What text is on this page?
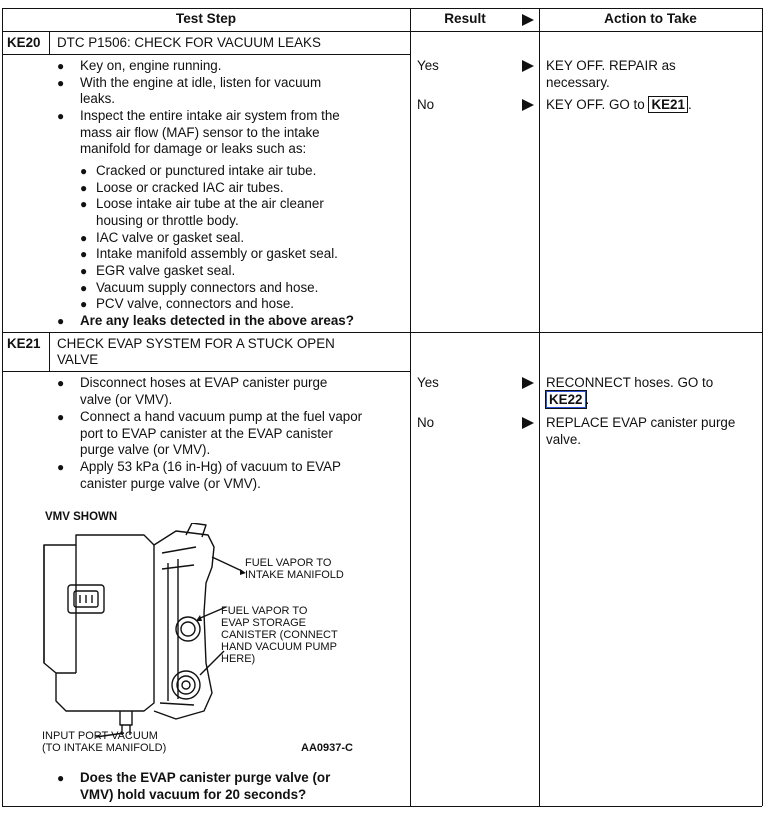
Test Step	Result	Action to Take
KE20 DTC P1506: CHECK FOR VACUUM LEAKS
● Key on, engine running.
● With the engine at idle, listen for vacuum
leaks.
● Inspect the entire intake air system from the
mass air flow (MAF) sensor to the intake
manifold for damage or leaks such as:
● Cracked or punctured intake air tube.
● Loose or cracked IAC air tubes.
● Loose intake air tube at the air cleaner
housing or throttle body.
● IAC valve or gasket seal.
● Intake manifold assembly or gasket seal.
● EGR valve gasket seal.
● Vacuum supply connectors and hose.
● PCV valve, connectors and hose.
● Are any leaks detected in the above areas?
Yes	KEY OFF. REPAIR as
necessary.
No	KEY OFF. GO to KE21 .
KE21 CHECK EVAP SYSTEM FOR A STUCK OPEN
VALVE
● Disconnect hoses at EVAP canister purge
valve (or VMV).
● Connect a hand vacuum pump at the fuel vapor
port to EVAP canister at the EVAP canister
purge valve (or VMV).
● Apply 53 kPa (16 in-Hg) of vacuum to EVAP
canister purge valve (or VMV).
VMV SHOWN
FUEL VAPOR TO
INTAKE MANIFOLD
FUEL VAPOR TO
EVAP STORAGE
CANISTER (CONNECT
HAND VACUUM PUMP
HERE)
INPUT PORT VACUUM
(TO INTAKE MANIFOLD)	AA0937-C
● Does the EVAP canister purge valve (or
VMV) hold vacuum for 20 seconds?
Yes	RECONNECT hoses. GO to
KE22 .
No	REPLACE EVAP canister purge
valve.
